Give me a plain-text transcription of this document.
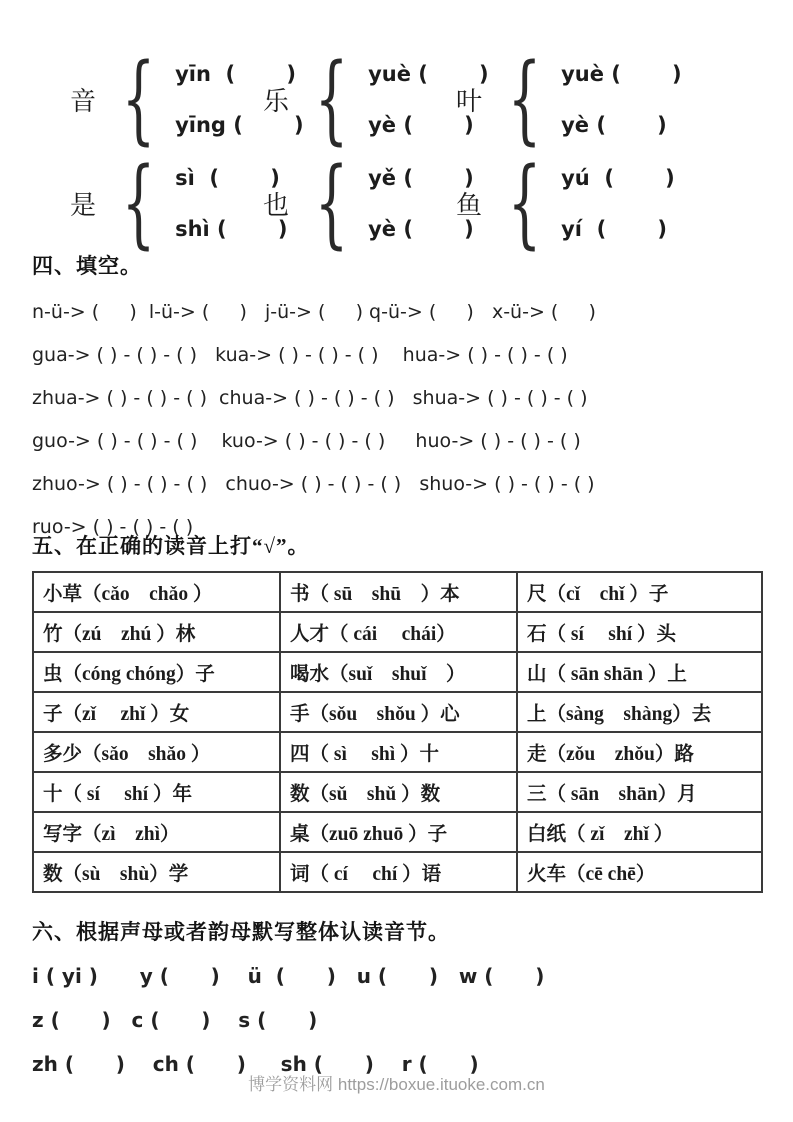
音 { yīn  (       )
yīng (       )
乐 { yuè (       )
yè (       )
叶 { yuè (       )
yè (       )
是 { sì  (       )
shì (       )
也 { yě (       )
yè (       )
鱼 { yú  (       )
yí  (       )
四、填空。
n-ü-> (     )  l-ü-> (     )   j-ü-> (     ) q-ü-> (     )   x-ü-> (     )
gua-> ( ) - ( ) - ( )   kua-> ( ) - ( ) - ( )    hua-> ( ) - ( ) - ( )
zhua-> ( ) - ( ) - ( )  chua-> ( ) - ( ) - ( )   shua-> ( ) - ( ) - ( )
guo-> ( ) - ( ) - ( )    kuo-> ( ) - ( ) - ( )     huo-> ( ) - ( ) - ( )
zhuo-> ( ) - ( ) - ( )   chuo-> ( ) - ( ) - ( )   shuo-> ( ) - ( ) - ( )
ruo-> ( ) - ( ) - ( )
五、在正确的读音上打“√”。
小草（cǎo　chǎo ）	书（ sū　shū　）本	尺（cǐ　chǐ ）子
竹（zú　zhú ）林	人才（ cái　 chái）	石（ sí　 shí ）头
虫（cóng chóng）子	喝水（suǐ　shuǐ　）	山（ sān shān ）上
子（zǐ　 zhǐ ）女	手（sǒu　shǒu ）心	上（sàng　shàng）去
多少（sǎo　shǎo ）	四（ sì　 shì ）十	走（zǒu　zhǒu）路
十（ sí　 shí ）年	数（sǔ　shǔ ）数	三（ sān　shān）月
写字（zì　zhì）	桌（zuō zhuō ）子	白纸（ zǐ　zhǐ ）
数（sù　shù）学	词（ cí　 chí ）语	火车（cē chē）
六、根据声母或者韵母默写整体认读音节。
i ( yi )      y (      )    ü  (      )   u (      )   w (      )
z (      )   c (      )    s (      )
zh (      )    ch (      )     sh (      )    r (      )
博学资料网 https://boxue.ituoke.com.cn
